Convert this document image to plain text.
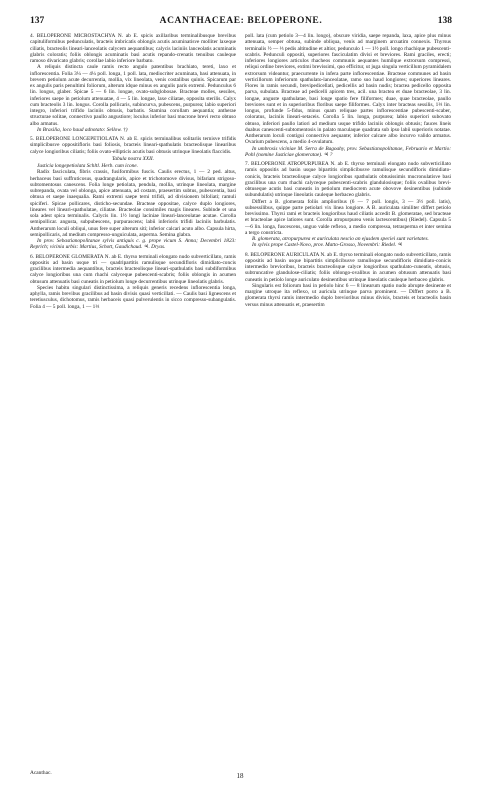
137	ACANTHACEAE: BELOPERONE.	138

4. BELOPERONE MICROSTACHYA N. ab E. spicis axillaribus terminalibusque brevibus capituliformibus pedunculatis, bracteis imbricatis oblongis acutis acuminatisve molliter laxeque ciliatis, bracteolis lineari-lanceolatis calycem aequantibus; calycis laciniis lanceolatis acuminatis glabris coloratis; foliis oblongis acuminatis basi acutis repando-crenatis tenuibus cauleque ramoso divaricato glabris; corollae labio inferiore barbato.

A reliquis distincta caule ramis recto angulo patentibus brachiato, tereti, laxo et inflorescentia. Folia 3¼ — 4¼ poll. longa, 1 poll. lata, mediocriter acuminata, basi attenuata, in brevem petiolum acute decurrentia, mollia, vix lineolata, venis costalibus quinis. Spicarum par ex angulis paris penultimi foliorum, alterum idque minus ex angulis paris extremi. Pedunculus 6 lin. longus, glaber. Spicae 5 — 6 lin. longae, ovato-subglobosae. Bracteae molles, sessiles, inferiores saepe in petiolum attenuatae, 4 — 5 lin. longae, laxe ciliatae, opposita sterilis. Calyx cum bracteolis 3 lin. longus. Corolla pollicaris, subincurva, pubescens, purpurea; labio superiori integro, inferiori trifido laciniis obtusis, barbatis. Stamina corollam aequantia; antherae structurae solitae, connectivo paullo angustiore; loculus inferior basi mucrone brevi recto obtuso albo armatus.

In Brasilia, loco haud adnotato: Sellow. †)

5. BELOPERONE LONGEPETIOLATA N. ab E. spicis terminalibus solitariis ternisve trifidis simplicibusve oppositifloris basi foliosis, bracteis lineari-spathulatis bracteolisque linearibus calyce longioribus ciliatis; foliis ovato-ellipticis acutis basi obtusis utrinque lineolatis flaccidis.

Tabula nostra XXII.

Justicia longepetiolata Schltl. Herb. cum icone.

Radix fasciculata, fibris crassis, fusiformibus fuscis. Caulis erectus, 1 — 2 ped. altus, herbaceus basi suffruticosus, quadrangularis, apice et trichotomove divisus, bifariam strigoso-subtomentosus canescens. Folia longe petiolata, pendula, mollia, utrinque lineolata, margine subrepanda, ovata vel oblonga, apice attenuata, ad costam, praesertim subtus, pubescentia, basi obtusa et saepe inaequalia. Rami extremi saepe terni trifidi, ad divisionem bifoliati; ramuli spiciferi. Spicae pollicares, disticho-secundae. Bracteae oppositae, calyce duplo longiores, lineares vel lineari-spathulatae, ciliatae. Bracteolae consimiles magis lineares. Subinde et una sola adest spica terminalis. Calycis lin. 1½ longi laciniae lineari-lanceolatae acutae. Corolla semipollicar. angusta, subpubescens, purpurascens; labii inferioris trifidi laciniis barbulatis. Antherarum loculi obliqui, unus fere super alterum siti; inferior calcari acuto albo. Capsula hirta, semipollicaris, ad medium compresso-unguiculata, asperma. Semina glabra.

In prov. Sebastianopolitanae sylvis antiquis c. g. prope vicum S. Anna; Decembri 1823: Reprich; vicinia urbis: Martius, Schott, Gaudichaud. ♃. Dryas.

6. BELOPERONE GLOMERATA N. ab E. thyrso terminali elongato nudo subverticillato, ramis oppositis ad basin usque tri — quadripartitis ramulisque secundifloris dimidiato-concis gracilibus intermedia aequantibus, bracteis bracteolisque lineari-spathulatis basi subdiformibus calyce longioribus una cum rhachi calyceque pubescenti-scabris; foliis oblongis in acumen obtusum attenuatis basi cuneatis in petiolum longe decurrentibus utrinque lineolatis glabris.

Species habitu singulari distinctissima, a reliquis generis recedens inflorescentia longa, aphylla, ramis brevibus gracilibus ad basin divisis quasi verticillati. — Caulis basi lignescens et teretiusculus, dichotomus, ramis herbaceis quasi pulverulentis in sicco compresso-subangulatis. Folia 4 — 5 poll. longa, 1 — 1⅓

poll. lata (cum petiolo 3—4 lin. longo), obscure viridia, saepe repanda, laxa, apice plus minus attenuata, semper obtusa, subinde obliqua, venis ad marginem arcuatim connexis. Thyrsus terminalis ½ — ⅓ pedis altitudine et altior, pedunculo 1 — 1½ poll. longo rhachique pubescenti-scabris. Pedunculi oppositi, superiores fasciculatim divisi et breviores. Rami graciles, erecti; inferiores longiores articulos rhacheos communis aequantes humilque extrorsum compressi, reliqui ordine breviores, extimi brevissimi, quo efficitur, ut juga singula verticillum pyramidalem extrorsum videantur, praecurrente in infera parte inflorescentiae. Bracteae communes ad basin verticillorum inferiorum spathulato-lanceolatae, ramo suo haud longiores; superiores lineares. Flores in ramis secundi, brevipedicellati, pedicellis ad basin nudis; bractea pedicello opposita parva, subulata. Bracteae ad pedicelli apicem tres, acil. una bractea et duae bracteolae, 3 lin. longae, anguste spathulatae, basi longe spatio fere filiformes; duae, quae bracteolae, paullo breviores sunt et in superioribus floribus saepe filiformes. Calyx inter bracteas sessilis, 1⅓ lin. longus, profunde 5-fidus, minus quam reliquae partes inflorescentiae pubescenti-scaber, coloratus, laciniis lineari-setaceis. Corolla 5 lin. longa, purpurea; labio superiori subovato obtuso, inferiori paullo latiori ad medium usque trifido laciniis oblongis obtusis; fauces lineis duabus canescenti-subtomentosis in palato maculaque quadrata sub ipso labii superioris notatae. Antherarum loculi contigui connectivo aequante; inferior calcare albo incurvo valido armatus. Ovarium pubescens, a medio 4-ovulatum.

In umbrosis viciniae M. Serra de Bagoahy, prov. Sebastianopolitanae, Februario et Martio: Pohl (nomine Justiciae glomeratae). ♃ ?

7. BELOPERONE ATROPURPUREA N. ab E. thyrso terminali elongato nudo subverticillato ramis oppositis ad basin usque bipartitis simplicibusve ramulisque secundifloris dimidiato-conicis, bracteis bracteolisque calyce longioribus spathulatis obtusissimis mucronulatisve basi gracilibus una cum rhachi calyceque pubescenti-scabris glandulosisque; foliis ovalibus brevi-obtuseque acutis basi cuneatis in petiolum mediocrem acute obovove desinentibus (subinde subundulatis) utrinque lineolatis cauleque herbaceo glabris.

Differt a B. glomerata foliis amplioribus (6 — 7 poll. longis, 3 — 3½ poll. latis), subsessilibus, quippe parte petiolari vix linea longiore. A B. auriculata similiter differt petiolo brevissimo. Thyrsi rami et bracteis longioribus haud ciliatis accedit B. glomeratae, sed bracteae et bracteolae apice latiores sunt. Corolla atropurpurea venis lactescentibus) (Riedel). Capsula 5—6 lin. longa, fuscescens, unguo valde reflexo, a medio compressa, tetrasperma et inter semina a tergo constricta.

B. glomerata, atropurpurea et auriculata nescio an ejusdem speciei sunt varietates.

In sylvis prope Castel-Novo, prov. Matto-Grosso, Novembri: Riedel. ♃

8. BELOPERONE AURICULATA N. ab E. thyrso terminali elongato nudo subverticillato, ramis oppositis ad basin usque bipartitis simplicibusve ramulisque secundifloris dimidiato-conicis intermedio brevioribus, bracteis bracteolisque calyce longioribus spathulato-cuneatis, obtusis, subtruncative glandulose-ciliatis; foliis oblongo-ovalibus in acumen obtusum attenuatis basi cuneatis in petiolo longe auriculato desinentibus utrinque lineolatis cauleque herbaceo glabris.

Singularis est foliorum basi in petiolo hinc 6 — 8 linearum spatio nudo abrupte desinente et margine utroque ita reflexo, ut auricula utrinque parva prominent. — Differt porro a B. glomerata thyrsi ramis intermedio duplo brevioribus minus divisis, bracteis et bracteolis basin versus minus attenuatis et, praesertim

Acanthac.	18
